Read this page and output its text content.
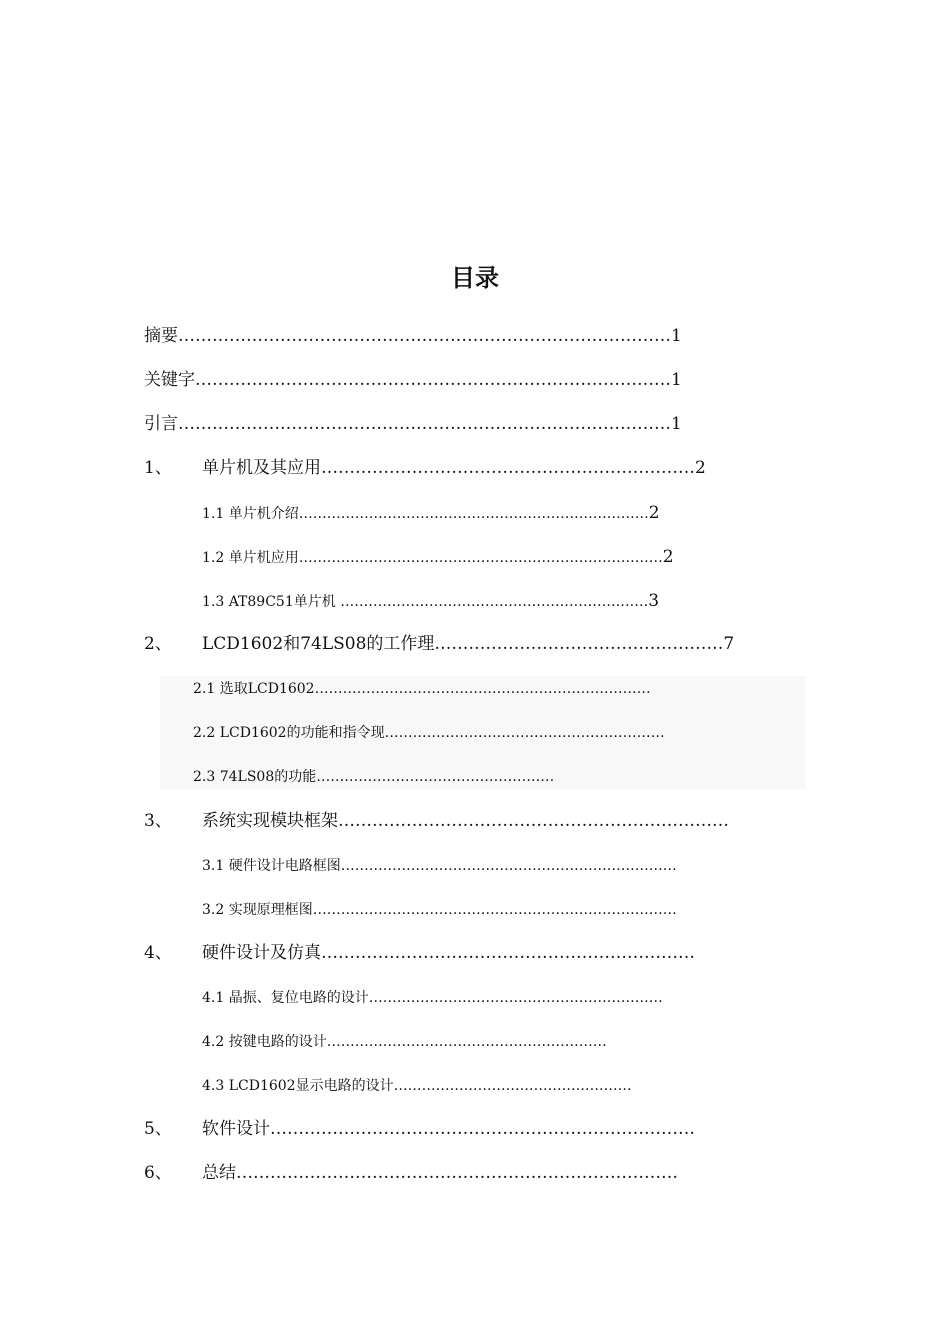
目录
摘要 …………………………………………………………………………… 1
关键字 ………………………………………………………………………… 1
引言 …………………………………………………………………………… 1
1、	单片机及其应用 ………………………………………………………… 2
1.1 单片机介绍 ………………………………………………………………… 2
1.2 单片机应用 …………………………………………………………………… 2
1.3 AT89C51单片机 …… …………………………………………………… 3
2、	LCD1602和74LS08的工作理 …………………………………………… 7
2.1 选取LCD1602 ………………………………………………………………
2.2 LCD1602的功能和指令现 ……………………………………………………
2.3 74LS08的功能 ……………………………………………
3、	系统实现模块框架 ……………………………………………………………
3.1 硬件设计电路框图 ………………………………………………………………
3.2 实现原理框图 ……………………………………………………………………
4、	硬件设计及仿真 …………………………………………………………
4.1 晶振、复位电路的设计 ………………………………………………………
4.2 按键电路的设计 ……………………………………………………
4.3 LCD1602显示电路的设计 ……………………………………………
5、	软件设计 …………………………………………………………………
6、	总结 ……………………………………………………………………
